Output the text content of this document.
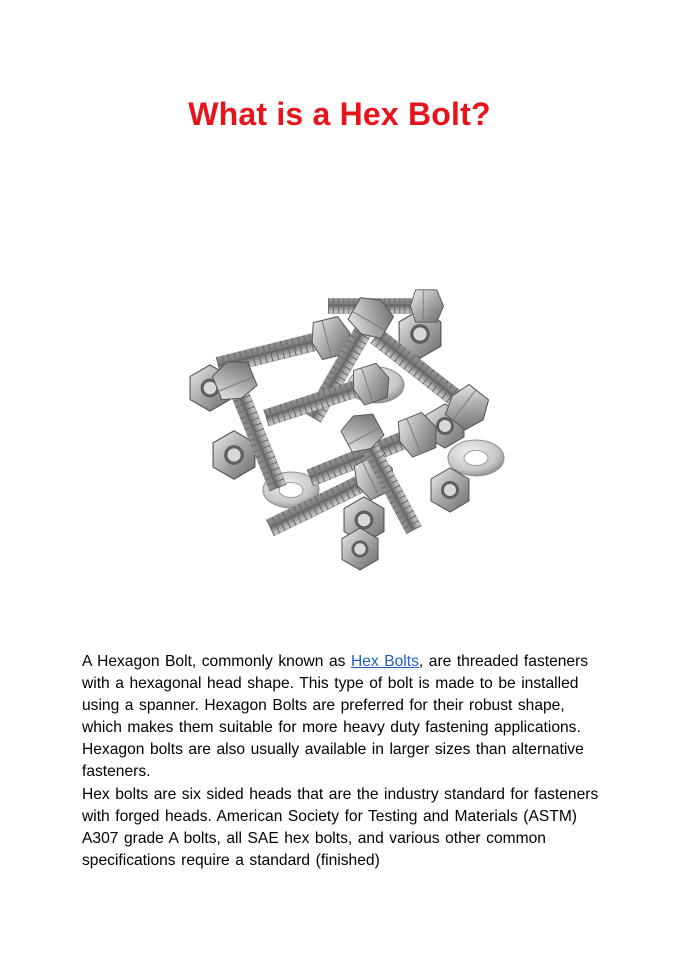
What is a Hex Bolt?

A Hexagon Bolt, commonly known as Hex Bolts, are threaded fasteners with a hexagonal head shape. This type of bolt is made to be installed using a spanner. Hexagon Bolts are preferred for their robust shape, which makes them suitable for more heavy duty fastening applications. Hexagon bolts are also usually available in larger sizes than alternative fasteners.

Hex bolts are six sided heads that are the industry standard for fasteners with forged heads. American Society for Testing and Materials (ASTM) A307 grade A bolts, all SAE hex bolts, and various other common specifications require a standard (finished)
